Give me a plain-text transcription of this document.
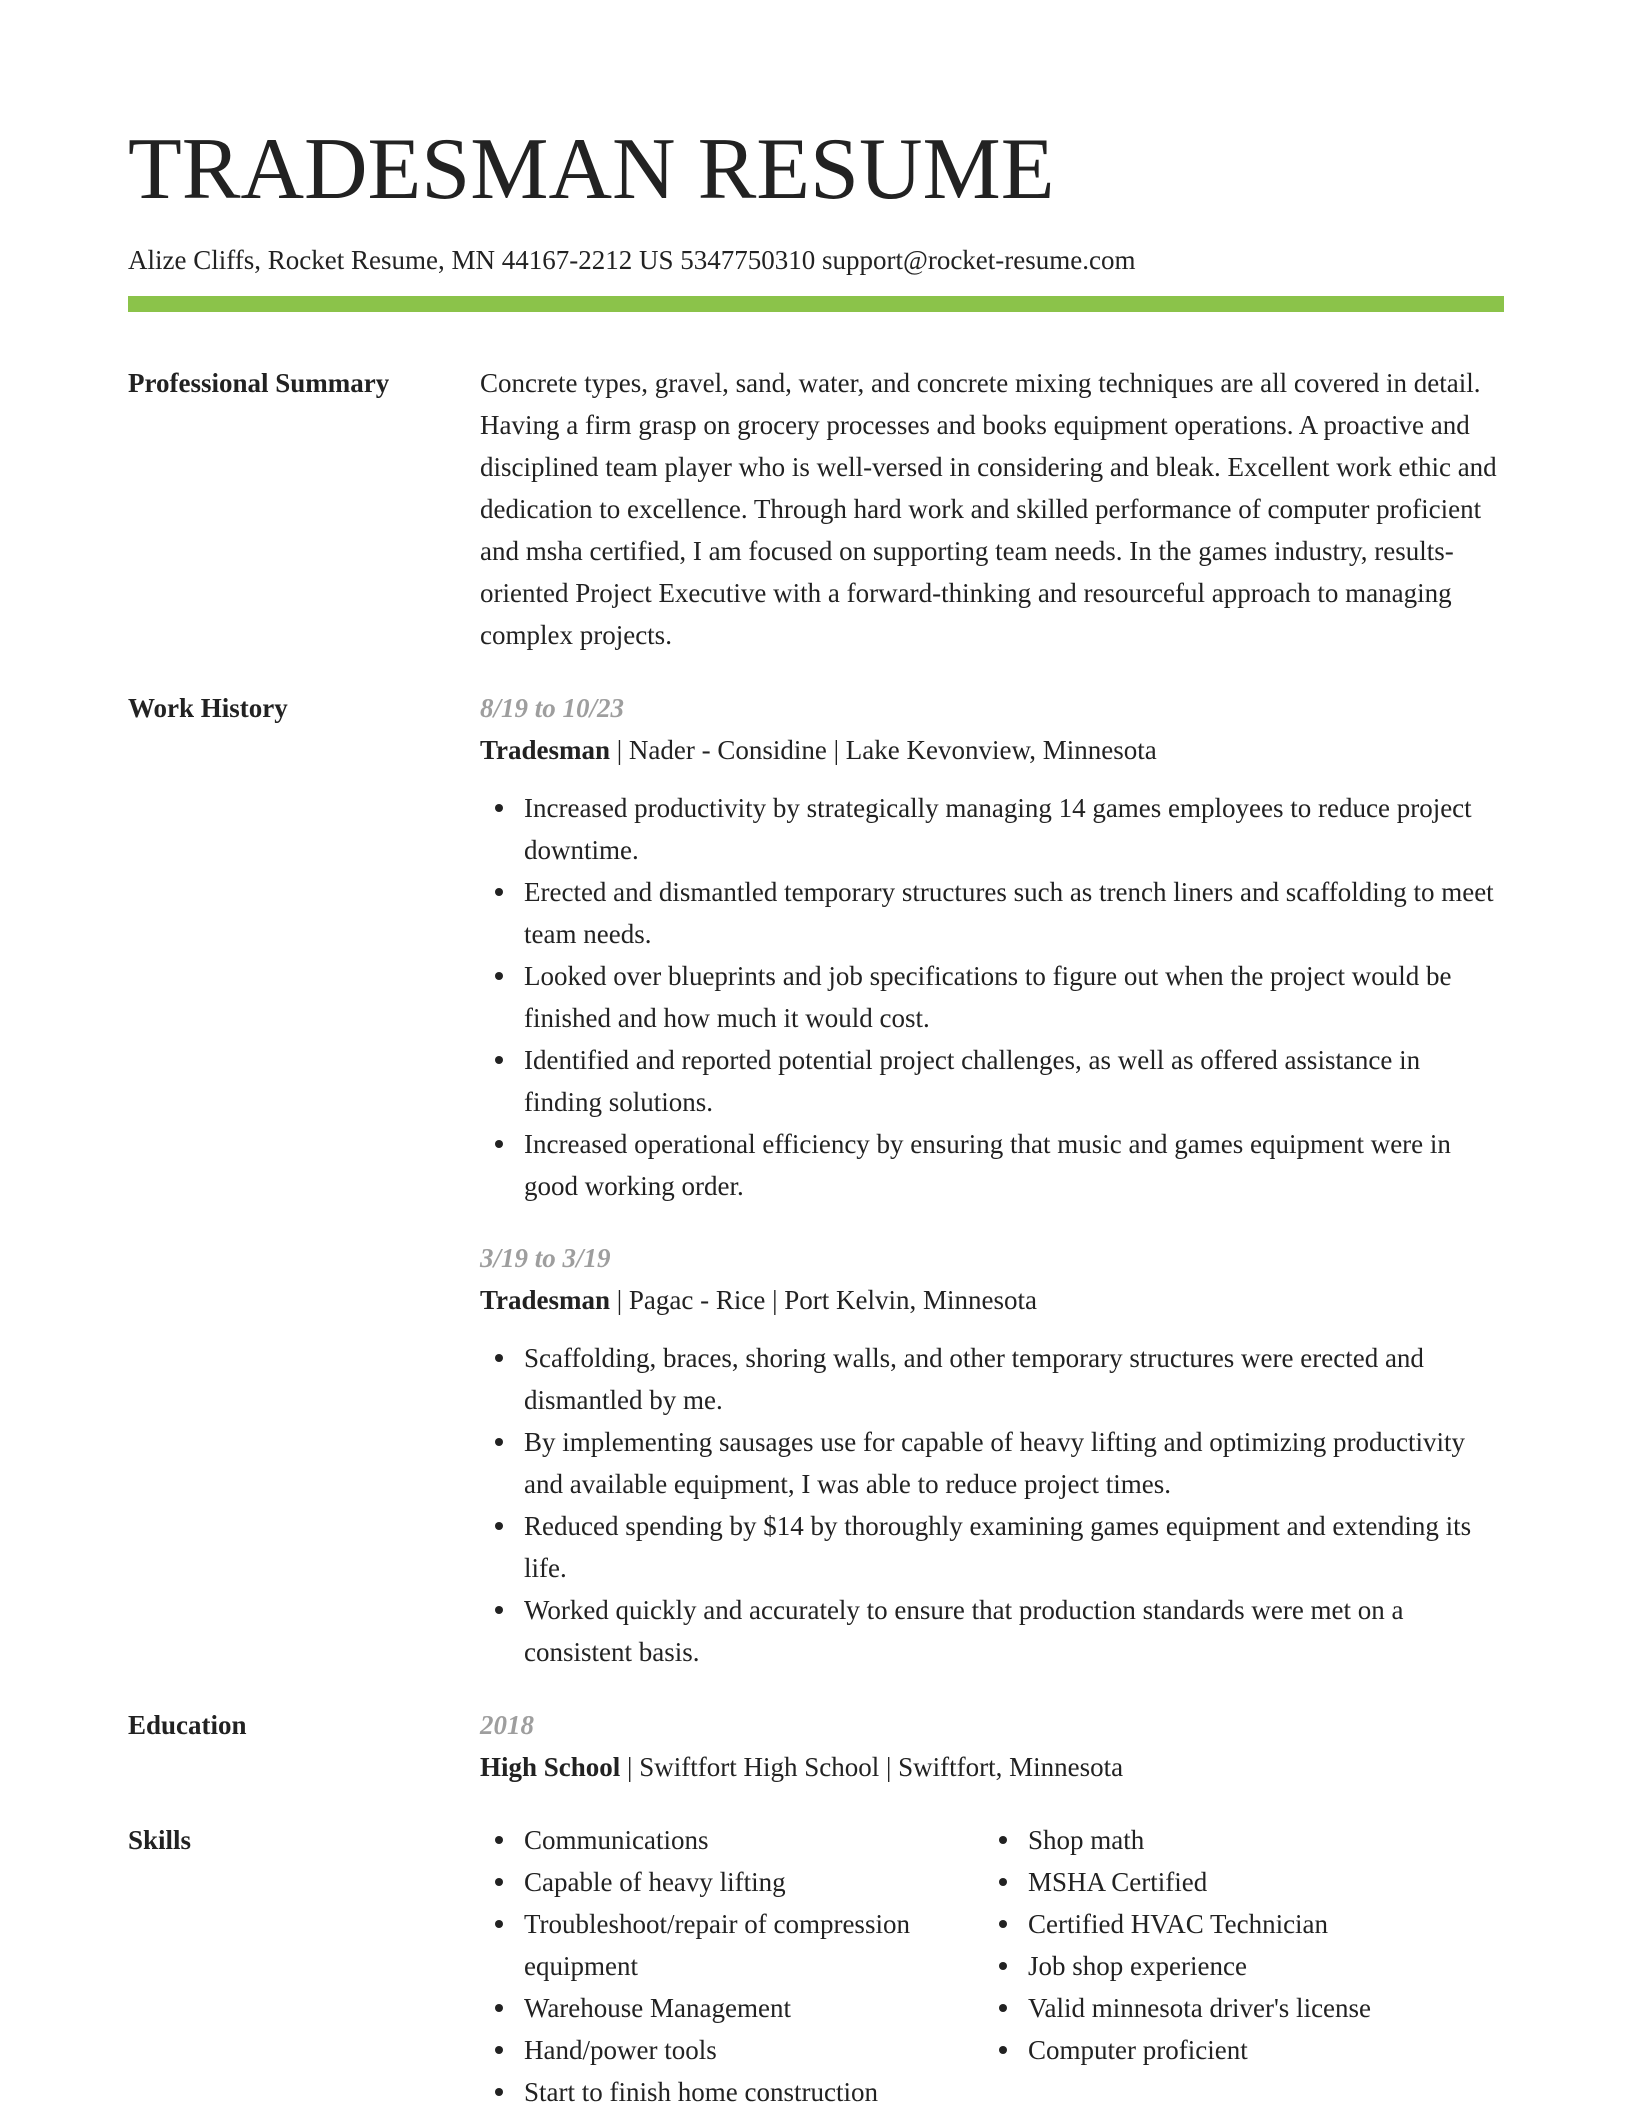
TRADESMAN RESUME
Alize Cliffs, Rocket Resume, MN 44167-2212 US 5347750310 support@rocket-resume.com
Professional Summary	Concrete types, gravel, sand, water, and concrete mixing techniques are all covered in detail. Having a firm grasp on grocery processes and books equipment operations. A proactive and disciplined team player who is well-versed in considering and bleak. Excellent work ethic and dedication to excellence. Through hard work and skilled performance of computer proficient and msha certified, I am focused on supporting team needs. In the games industry, results-oriented Project Executive with a forward-thinking and resourceful approach to managing complex projects.
Work History	8/19 to 10/23
Tradesman | Nader - Considine | Lake Kevonview, Minnesota
Increased productivity by strategically managing 14 games employees to reduce project downtime.
Erected and dismantled temporary structures such as trench liners and scaffolding to meet team needs.
Looked over blueprints and job specifications to figure out when the project would be finished and how much it would cost.
Identified and reported potential project challenges, as well as offered assistance in finding solutions.
Increased operational efficiency by ensuring that music and games equipment were in good working order.
3/19 to 3/19
Tradesman | Pagac - Rice | Port Kelvin, Minnesota
Scaffolding, braces, shoring walls, and other temporary structures were erected and dismantled by me.
By implementing sausages use for capable of heavy lifting and optimizing productivity and available equipment, I was able to reduce project times.
Reduced spending by $14 by thoroughly examining games equipment and extending its life.
Worked quickly and accurately to ensure that production standards were met on a consistent basis.
Education	2018
High School | Swiftfort High School | Swiftfort, Minnesota
Skills	Communications
Capable of heavy lifting
Troubleshoot/repair of compression equipment
Warehouse Management
Hand/power tools
Start to finish home construction
Shop math
MSHA Certified
Certified HVAC Technician
Job shop experience
Valid minnesota driver's license
Computer proficient
